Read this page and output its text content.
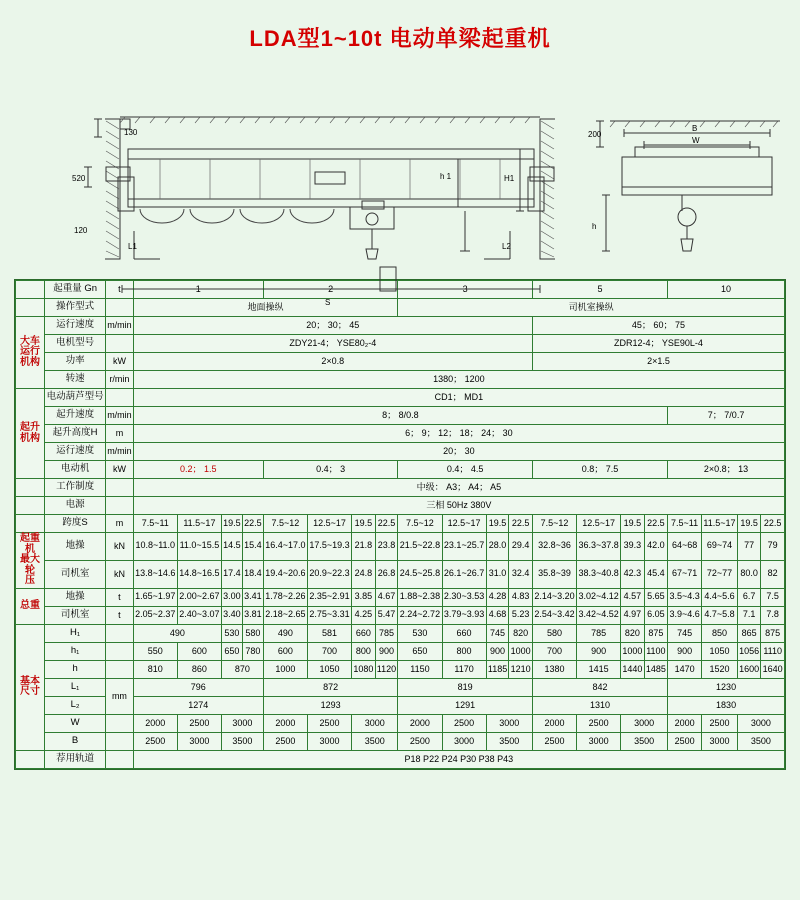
LDA型1~10t 电动单梁起重机
200
130
520
120
h 1	H1
L1	L2
S
B
W
h
	起重量 Gn	t	1				2				3				5				10			
	操作型式		地面操纵								司机室操纵											

大车
运行
机构	运行速度	m/min	20； 30； 45												45； 60； 75							
	电机型号		ZDY21-4； YSE80₂-4												ZDR12-4； YSE90L-4							
	功率	kW	2×0.8												2×1.5							
	转速	r/min	1380； 1200																			

起升
机构	电动葫芦型号		CD1； MD1																			
	起升速度	m/min	8； 8/0.8																7； 7/0.7			
	起升高度H	m	6； 9； 12； 18； 24； 30																			
	运行速度	m/min	20； 30																			
	电动机	kW	0.2； 1.5				0.4； 3				0.4； 4.5				0.8； 7.5				2×0.8； 13			
	工作制度		中级： A3； A4； A5																			
	电源		三相 50Hz 380V																			
	跨度S	m	7.5~11	11.5~17	19.5	22.5	7.5~12	12.5~17	19.5	22.5	7.5~12	12.5~17	19.5	22.5	7.5~12	12.5~17	19.5	22.5	7.5~11	11.5~17	19.5	22.5

起重机
最大轮
压	地操	kN	10.8~11.0	11.0~15.5	14.5	15.4	16.4~17.0	17.5~19.3	21.8	23.8	21.5~22.8	23.1~25.7	28.0	29.4	32.8~36	36.3~37.8	39.3	42.0	64~68	69~74	77	79
	司机室	kN	13.8~14.6	14.8~16.5	17.4	18.4	19.4~20.6	20.9~22.3	24.8	26.8	24.5~25.8	26.1~26.7	31.0	32.4	35.8~39	38.3~40.8	42.3	45.4	67~71	72~77	80.0	82

总重	地操	t	1.65~1.97	2.00~2.67	3.00	3.41	1.78~2.26	2.35~2.91	3.85	4.67	1.88~2.38	2.30~3.53	4.28	4.83	2.14~3.20	3.02~4.12	4.57	5.65	3.5~4.3	4.4~5.6	6.7	7.5
	司机室	t	2.05~2.37	2.40~3.07	3.40	3.81	2.18~2.65	2.75~3.31	4.25	5.47	2.24~2.72	3.79~3.93	4.68	5.23	2.54~3.42	3.42~4.52	4.97	6.05	3.9~4.6	4.7~5.8	7.1	7.8

基本
尺寸	H₁		490		530	580	490	581	660	785	530	660	745	820	580	785	820	875	745	850	865	875
	h₁		550	600	650	780	600	700	800	900	650	800	900	1000	700	900	1000	1100	900	1050	1056	1110
	h		810	860	870		1000	1050	1080	1120	1150	1170	1185	1210	1380	1415	1440	1485	1470	1520	1600	1640
	L₁	mm	796				872				819				842				1230			
	L₂		1274				1293				1291				1310				1830			
	W		2000	2500	3000		2000	2500	3000		2000	2500	3000		2000	2500	3000		2000	2500	3000	
	B		2500	3000	3500		2500	3000	3500		2500	3000	3500		2500	3000	3500		2500	3000	3500	
	荐用轨道		P18 P22 P24 P30 P38 P43																			
